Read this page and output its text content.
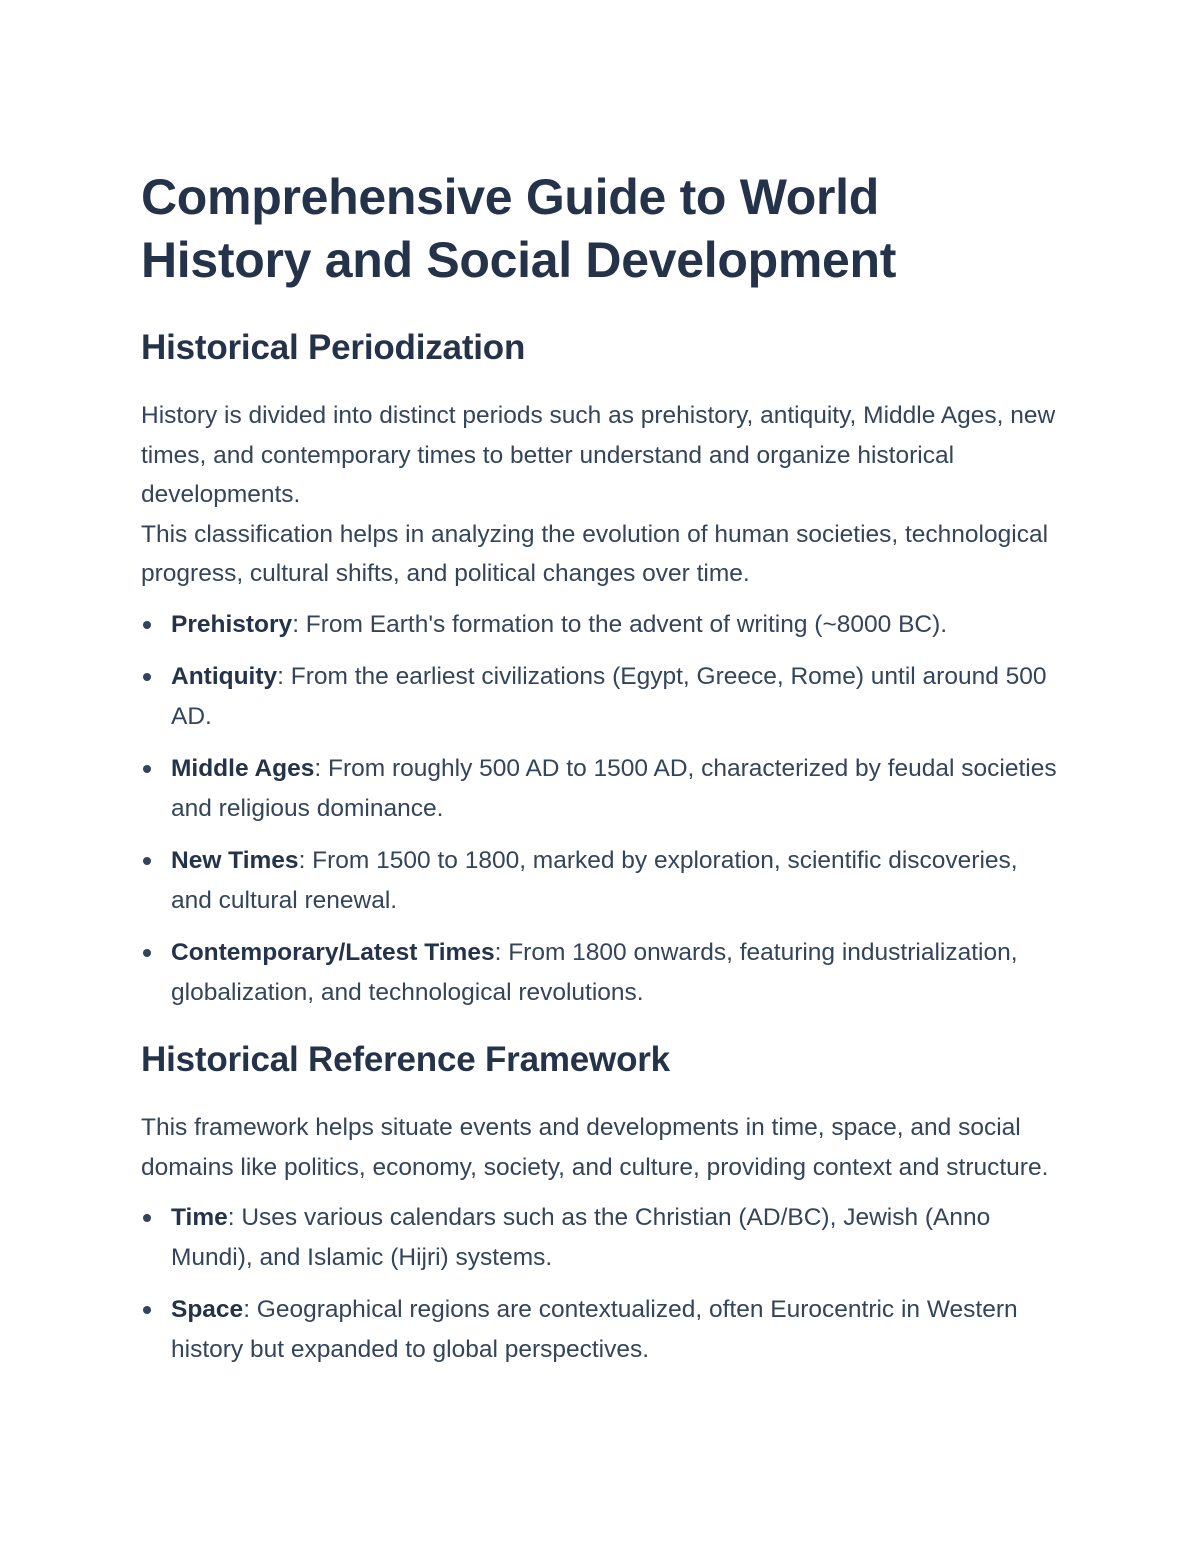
Comprehensive Guide to World History and Social Development
Historical Periodization

History is divided into distinct periods such as prehistory, antiquity, Middle Ages, new times, and contemporary times to better understand and organize historical developments.

This classification helps in analyzing the evolution of human societies, technological progress, cultural shifts, and political changes over time.

Prehistory: From Earth's formation to the advent of writing (~8000 BC).
Antiquity: From the earliest civilizations (Egypt, Greece, Rome) until around 500 AD.
Middle Ages: From roughly 500 AD to 1500 AD, characterized by feudal societies and religious dominance.
New Times: From 1500 to 1800, marked by exploration, scientific discoveries, and cultural renewal.
Contemporary/Latest Times: From 1800 onwards, featuring industrialization, globalization, and technological revolutions.
Historical Reference Framework

This framework helps situate events and developments in time, space, and social domains like politics, economy, society, and culture, providing context and structure.

Time: Uses various calendars such as the Christian (AD/BC), Jewish (Anno Mundi), and Islamic (Hijri) systems.
Space: Geographical regions are contextualized, often Eurocentric in Western history but expanded to global perspectives.
